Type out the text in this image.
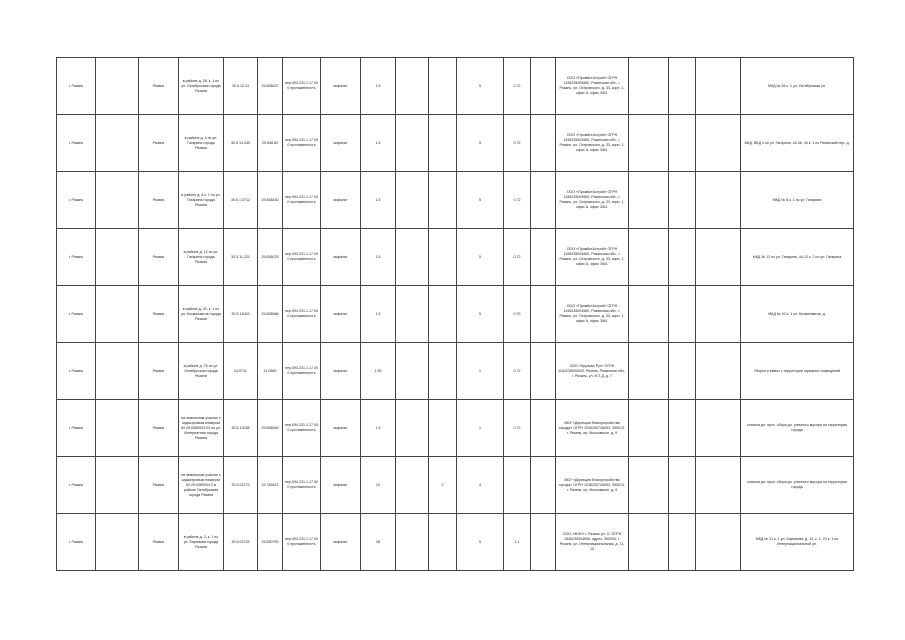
г. Рязань		Рязань	в районе д. 28, к. 1 по ул. Октябрьская города Рязани	30.5 12.13	29.838037	нер.094.231.1.17.000 протяженность	асфальт	1.5			5	0.72		ООО «Пром8ст&строй» ОГРН 1196235004560, Рязанская обл., г. Рязань, ул. Островского, д. 33, корп. 1, офис А, офис 3/64.				МКД № 28 к. 1 ул. Октябрьская ул.
г. Рязань		Рязань	в районе д. 4 по ул. Гагарина города Рязани	30.5 14.049	29.838.83	нер.094.231.1.17.000 протяженность	асфальт	1.5			5	0.72		ООО «Пром8ст&строй» ОГРН 1196235004560, Рязанская обл., г. Рязань, ул. Островского, д. 33, корп. 1, офис А, офис 3/64.				МКД, ВКД 4 по ул. Гагарина, 44-46, 44 к. 1 по Рязанский пер. д.
г. Рязань		Рязань	в районе д. 6 к. 1 по ул. Гагарина города Рязани	30.5 1.0712	29.838430	нер.094.231.1.17.000 протяженность	асфальт	1.5			5	0.72		ООО «Пром8ст&строй» ОГРН 1196235004560, Рязанская обл., г. Рязань, ул. Островского, д. 33, корп. 1, офис А, офис 3/64.				МКД № 6 к. 1 по ул. Гагарина
г. Рязань		Рязань	в районе д. 12 по ул. Гагарина города Рязани	30.5 11.221	29.838078	нер.094.231.1.17.000 протяженность	асфальт	1.5			5	0.72		ООО «Пром8ст&строй» ОГРН 1196235004560, Рязанская обл., г. Рязань, ул. Островского, д. 33, корп. 1, офис А, офис 3/64.				МКД № 12 по ул. Гагарина, 44-12 к. 2 по ул. Гагарина
г. Рязань		Рязань	в районе д. 42, к. 1 по ул. Космонавтов города Рязани	30.5 14053	29.838086	нер.094.231.1.17.000 протяженность	асфальт	1.5			5	0.75		ООО «Пром8ст&строй» ОГРН 1196235004560, Рязанская обл., г. Рязань, ул. Островского, д. 33, корп. 1, офис А, офис 3/64.				МКД № 42 к. 1 ул. Космонавтов, д.
г. Рязань		Рязань	в районе д. 76 по ул. Октябрьская города Рязани	24.0711	21.0550	нер.094.231.1.17.000 протяженность	асфальт	1.55			1	0.72		ООО «Кругмал Рус» ОГРН 1162235000003, Рязань, Рязанская обл., г. Рязань, ул. М.Т.Д. д. 7				Уборка и вывоз с территории гаражных помещений
г. Рязань		Рязань	на земельном участке с кадастровым номером 62:29:0080003:03 по ул. Интернатная города Рязани	30.5 13038	29.838948	нер.094.231.1.17.000 протяженность	асфальт	1.5			1	0.72		МБУ «Дирекция благоустройства города» ОГРН 1036200726093, 390013, г. Рязань, пр. Московское, д. 9				стоянка дл. проч. сбора дл. уличного мусора на территории города
г. Рязань		Рязань	на земельном участке с кадастровым номером 62:29:0080004:3 в районе Октябрьская города Рязани	30.5 02179	29.789413	нер.094.231.1.17.000 протяженность	асфальт	24		2	4			МБУ «Дирекция благоустройства города» ОГРН 1036200726093, 390013, г. Рязань, пр. Московское, д. 9				стоянка дл. проч. сбора дл. уличного мусора на территории города
г. Рязань		Рязань	в районе д. 3, к. 1 по ул. Бирюзова города Рязани	30.5 02726	29.830790	нер.094.231.1.17.000 протяженность	асфальт	28			5	1.1		ООО «ЖЭУ» г. Рязань ул. О. ОГРН 1046235004696, адрес: 390005, г. Рязань, ул. Интернациональная, д. 11, 15				МКД № 21 к. 1 ул. Бирюзова, д. 13, к. 1, 23 к. 1 по Интернациональной ул.
